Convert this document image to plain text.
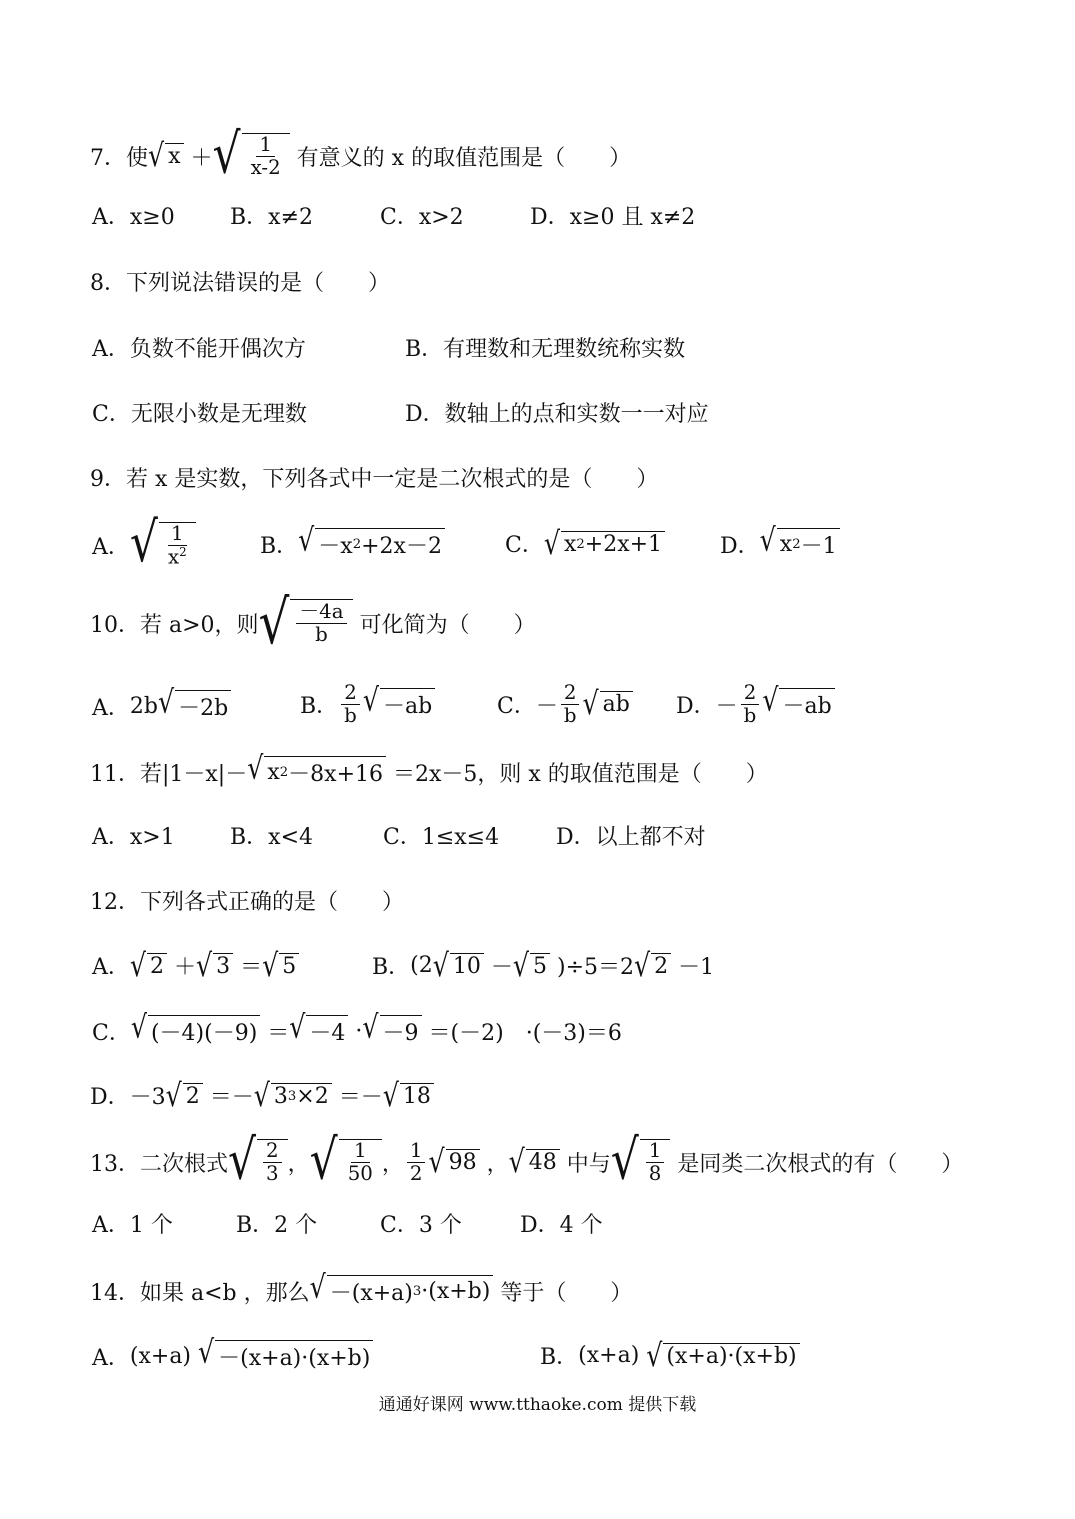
7．使 √ x ＋ √ $\frac{1}{x-2}$
有意义的 x 的取值范围是（　　）
A．x≥0	B．x≠2	C．x>2	D．x≥0 且 x≠2
8．下列说法错误的是（　　）
A．负数不能开偶次方	B．有理数和无理数统称实数
C．无限小数是无理数	D．数轴上的点和实数一一对应
9．若 x 是实数，下列各式中一定是二次根式的是（　　）
A． √ $\frac{1}{x^2}$	B． √ －x 2 +2x－2	C． √ x 2 +2x+1	D． √ x 2 －1
10．若 a>0，则 √ $\frac{-4a}{b}$
可化简为（　　）
A． 2b √ －2b	B． $\frac{2}{b}$ √ －ab	C． － $\frac{2}{b}$ √ ab D． － $\frac{2}{b}$ √ －ab
11．若|1－x|－ √ x 2 －8x+16
＝2x－5，则 x 的取值范围是（　　）
A．x>1	B．x<4	C．1≤x≤4	D．以上都不对
12．下列各式正确的是（　　）
A． √ 2 ＋ √ 3 ＝ √ 5	B． (2 √ 10 － √ 5 )÷5＝2 √ 2 －1
C． √ (－4)(－9) ＝ √ －4 · √ －9 ＝(－2)　·(－3)＝6
D． －3 √ 2 ＝－ √ 3 3 ×2 ＝－ √ 18
13．二次根式 √ $\frac{2}{3}$ ， √ $\frac{1}{50}$ ， $\frac{1}{2}$ √ 98 ， √ 48
中与 √ $\frac{1}{8}$
是同类二次根式的有（　　）
A．1 个	B．2 个	C．3 个	D．4 个
14．如果 a<b ，那么 √ －(x+a) 3 ·(x+b)
等于（　　）
A． (x+a) √ －(x+a)·(x+b)	B． (x+a) √ (x+a)·(x+b)
通通好课网 www.tthaoke.com 提供下载
